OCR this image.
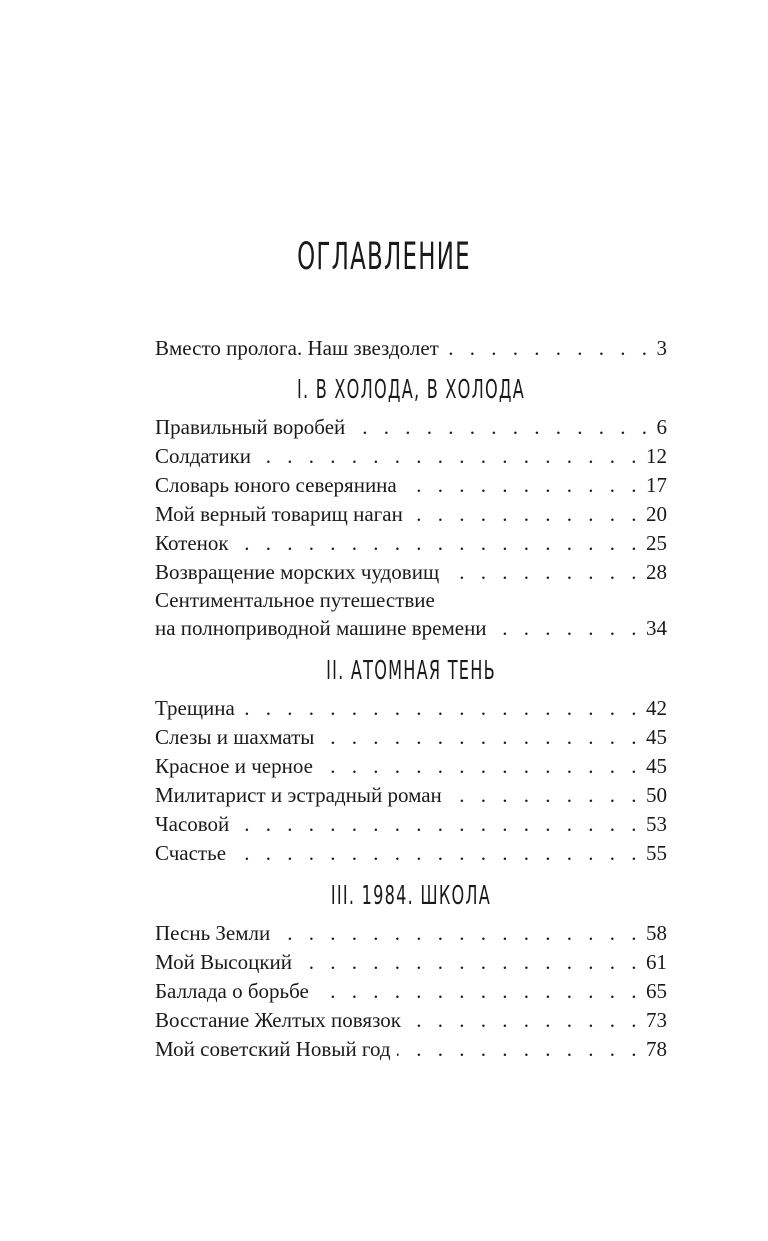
ОГЛАВЛЕНИЕ
Вместо пролога. Наш звездолет . . .	3
I. В ХОЛОДА, В ХОЛОДА
Правильный воробей . . .	6
Солдатики . . .	12
Словарь юного северянина . . .	17
Мой верный товарищ наган . . .	20
Котенок . . .	25
Возвращение морских чудовищ . . .	28
Сентиментальное путешествие
на полноприводной машине времени . . .	34
II. АТОМНАЯ ТЕНЬ
Трещина . . .	42
Слезы и шахматы . . .	45
Красное и черное . . .	45
Милитарист и эстрадный роман . . .	50
Часовой . . .	53
Счастье . . .	55
III. 1984. ШКОЛА
Песнь Земли . . .	58
Мой Высоцкий . . .	61
Баллада о борьбе . . .	65
Восстание Желтых повязок . . .	73
Мой советский Новый год . . .	78
